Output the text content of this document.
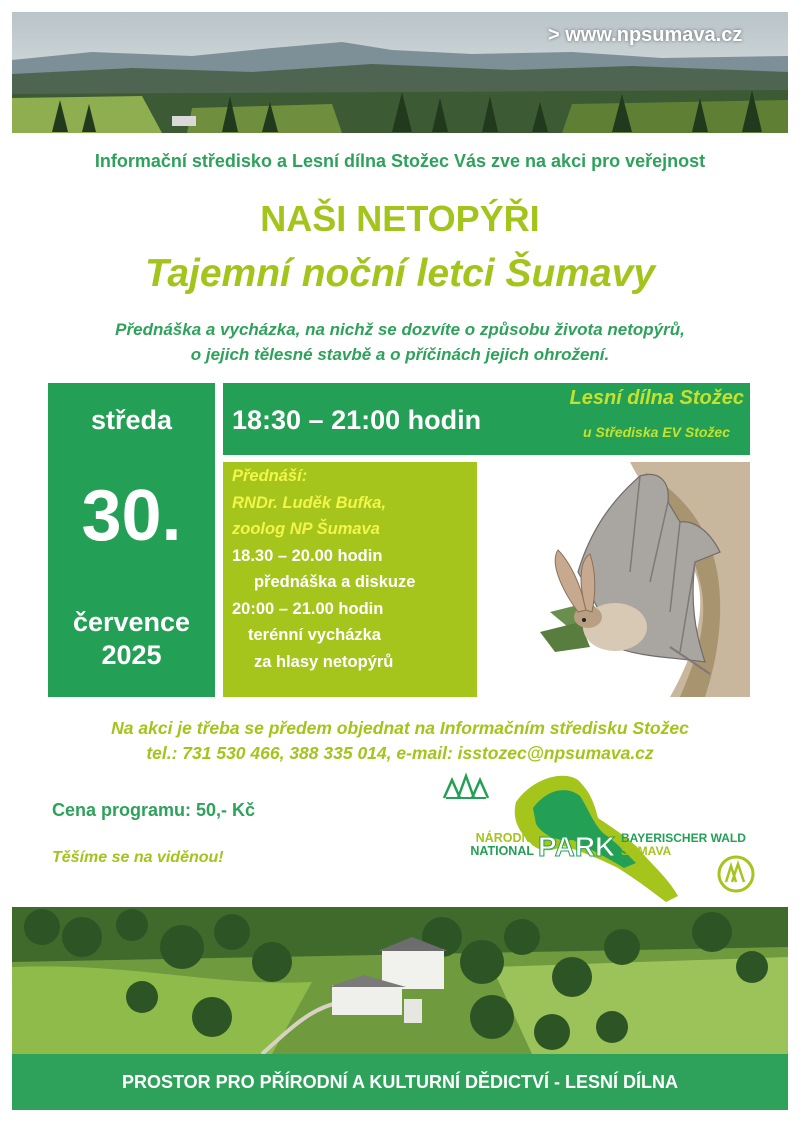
> www.npsumava.cz
Informační středisko a Lesní dílna Stožec Vás zve na akci pro veřejnost
NAŠI NETOPÝŘI
Tajemní noční letci Šumavy
Přednáška a vycházka, na nichž se dozvíte o způsobu života netopýrů,
o jejich tělesné stavbě a o příčinách jejich ohrožení.
středa
30.
července
2025
18:30 – 21:00 hodin
Lesní dílna Stožec
u Střediska EV Stožec
Přednáší:
RNDr. Luděk Bufka,
zoolog NP Šumava
18.30 – 20.00 hodin
přednáška a diskuze
20:00 – 21.00 hodin
terénní vycházka
za hlasy netopýrů
Na akci je třeba se předem objednat na Informačním středisku Stožec
tel.: 731 530 466, 388 335 014, e-mail: isstozec@npsumava.cz
Cena programu: 50,- Kč
Těšíme se na viděnou!
NÁRODNÍ
NATIONAL PARK BAYERISCHER WALD
ŠUMAVA
PROSTOR PRO PŘÍRODNÍ A KULTURNÍ DĚDICTVÍ - LESNÍ DÍLNA
